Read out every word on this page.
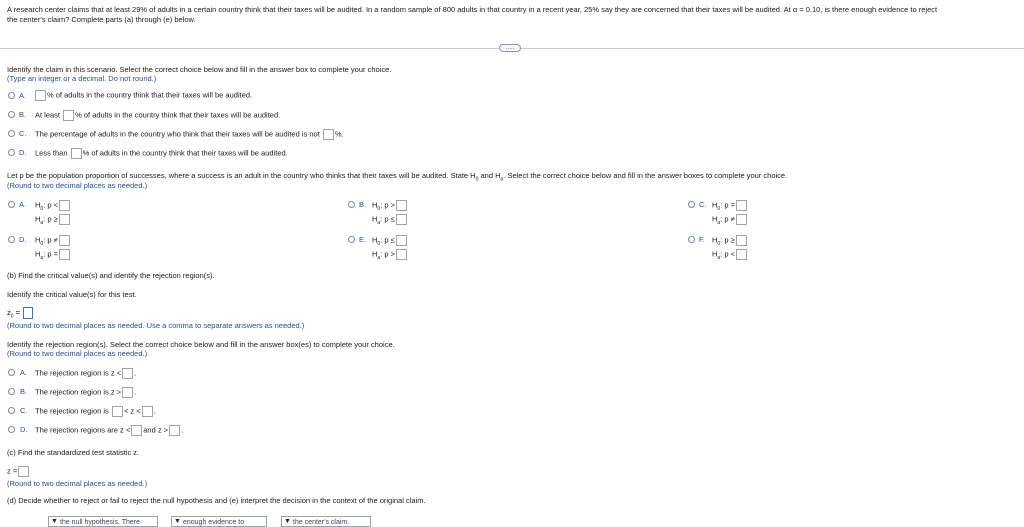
A research center claims that at least 29% of adults in a certain country think that their taxes will be audited. In a random sample of 800 adults in that country in a recent year, 25% say they are concerned that their taxes will be audited. At α = 0.10, is there enough evidence to reject
the center's claim? Complete parts (a) through (e) below.
.....
Identify the claim in this scenario. Select the correct choice below and fill in the answer box to complete your choice.
(Type an integer or a decimal. Do not round.)
A.	% of adults in the country think that their taxes will be audited.
B. At least % of adults in the country think that their taxes will be audited.
C. The percentage of adults in the country who think that their taxes will be audited is not %.
D. Less than % of adults in the country think that their taxes will be audited.
Let p be the population proportion of successes, where a success is an adult in the country who thinks that their taxes will be audited. State $H_0$ and $H_a$. Select the correct choice below and fill in the answer boxes to complete your choice.
(Round to two decimal places as needed.)
A. $H_0$: p <
$H_a$: p ≥
B. $H_0$: p >
$H_a$: p ≤
C. $H_0$: p =
$H_a$: p ≠
D. $H_0$: p ≠
$H_a$: p =
E. $H_0$: p ≤
$H_a$: p >
F. $H_0$: p ≥
$H_a$: p <
(b) Find the critical value(s) and identify the rejection region(s).
Identify the critical value(s) for this test.
$z_0$ =
(Round to two decimal places as needed. Use a comma to separate answers as needed.)
Identify the rejection region(s). Select the correct choice below and fill in the answer box(es) to complete your choice.
(Round to two decimal places as needed.)
A. The rejection region is z < .
B. The rejection region is z > .
C. The rejection region is < z < .
D. The rejection regions are z < and z > .
(c) Find the standardized test statistic z.
z =
(Round to two decimal places as needed.)
(d) Decide whether to reject or fail to reject the null hypothesis and (e) interpret the decision in the context of the original claim.
▼ the null hypothesis. There	▼ enough evidence to	▼ the center's claim.
